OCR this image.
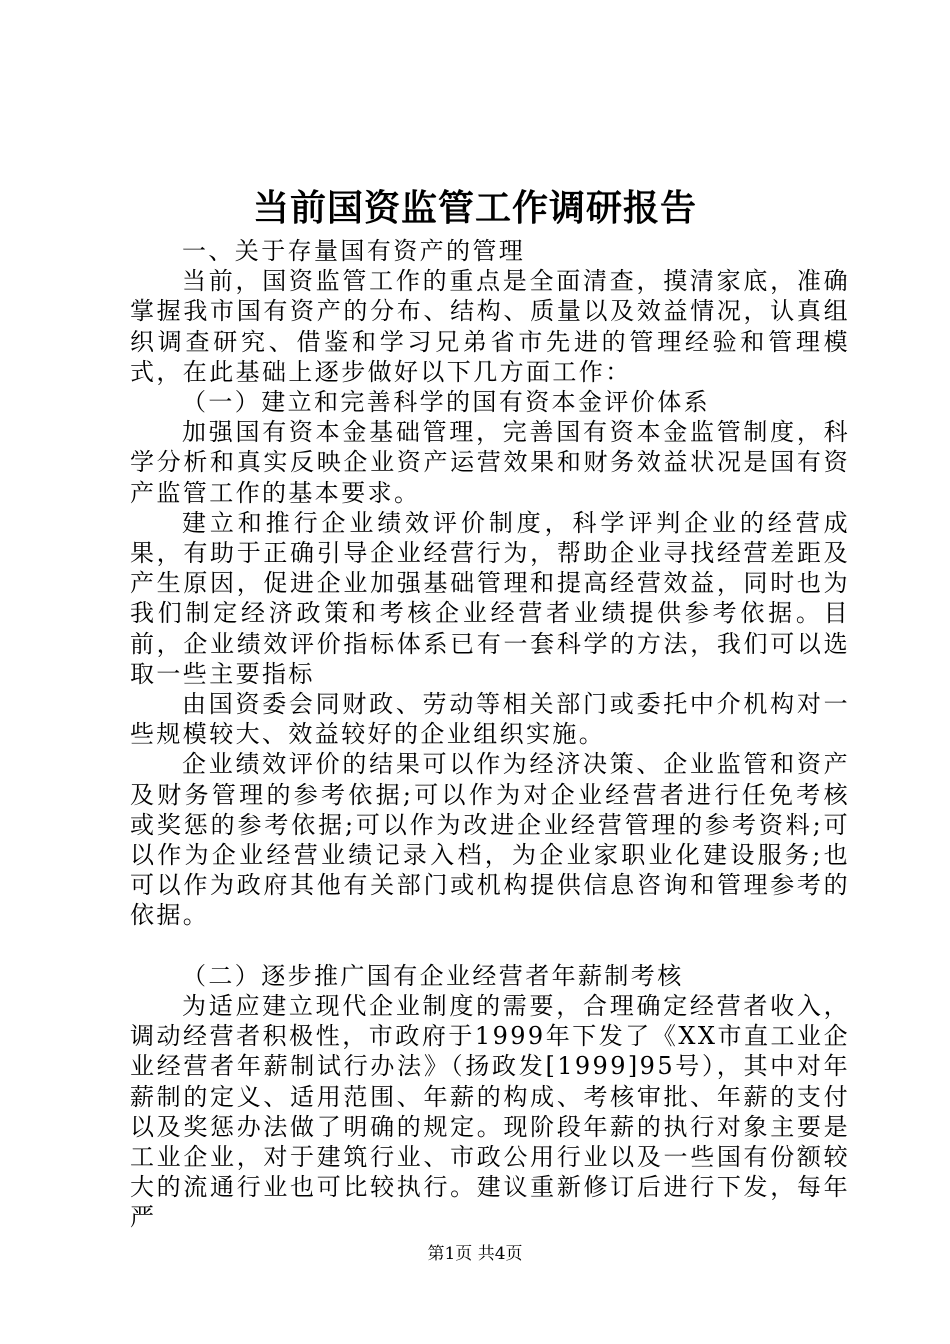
当前国资监管工作调研报告

一、关于存量国有资产的管理

当前，国资监管工作的重点是全面清查，摸清家底，准确掌握我市国有资产的分布、结构、质量以及效益情况，认真组织调查研究、借鉴和学习兄弟省市先进的管理经验和管理模式，在此基础上逐步做好以下几方面工作：

（一）建立和完善科学的国有资本金评价体系

加强国有资本金基础管理，完善国有资本金监管制度，科学分析和真实反映企业资产运营效果和财务效益状况是国有资产监管工作的基本要求。

建立和推行企业绩效评价制度，科学评判企业的经营成果，有助于正确引导企业经营行为，帮助企业寻找经营差距及产生原因，促进企业加强基础管理和提高经营效益，同时也为我们制定经济政策和考核企业经营者业绩提供参考依据。目前，企业绩效评价指标体系已有一套科学的方法，我们可以选取一些主要指标

由国资委会同财政、劳动等相关部门或委托中介机构对一些规模较大、效益较好的企业组织实施。

企业绩效评价的结果可以作为经济决策、企业监管和资产及财务管理的参考依据;可以作为对企业经营者进行任免考核或奖惩的参考依据;可以作为改进企业经营管理的参考资料;可以作为企业经营业绩记录入档，为企业家职业化建设服务;也可以作为政府其他有关部门或机构提供信息咨询和管理参考的依据。

（二）逐步推广国有企业经营者年薪制考核

为适应建立现代企业制度的需要，合理确定经营者收入，调动经营者积极性，市政府于1999年下发了《XX市直工业企业经营者年薪制试行办法》（扬政发[1999]95号），其中对年薪制的定义、适用范围、年薪的构成、考核审批、年薪的支付以及奖惩办法做了明确的规定。现阶段年薪的执行对象主要是工业企业，对于建筑行业、市政公用行业以及一些国有份额较大的流通行业也可比较执行。建议重新修订后进行下发，每年严

第1页 共4页
